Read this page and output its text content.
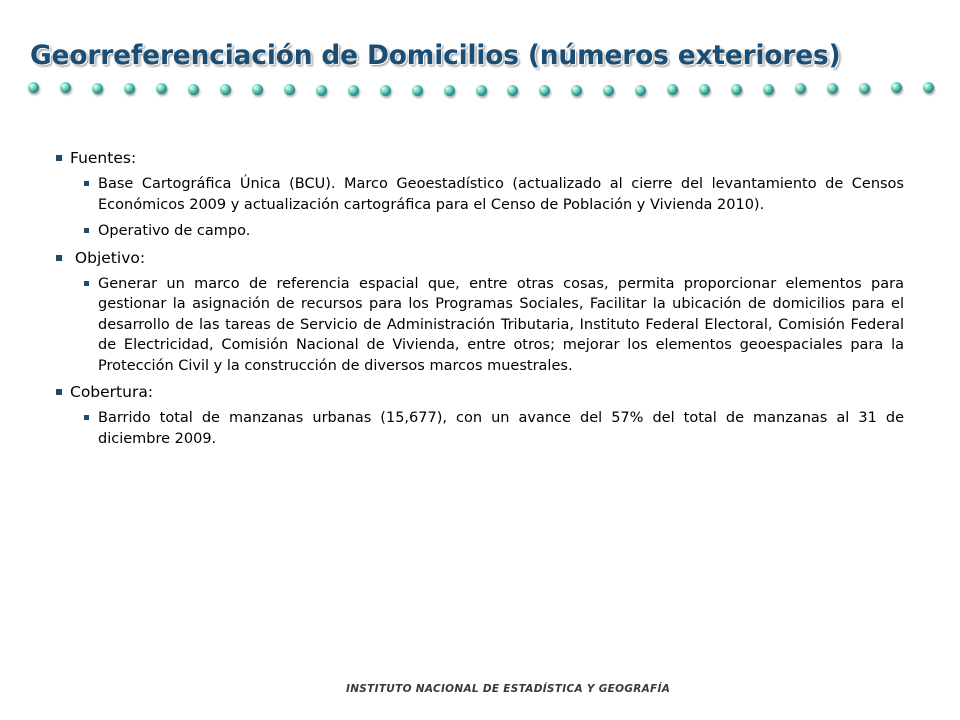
Georreferenciación de Domicilios (números exteriores)
Fuentes:
Base Cartográfica Única (BCU). Marco Geoestadístico (actualizado al cierre del levantamiento de Censos Económicos 2009 y actualización cartográfica para el Censo de Población y Vivienda 2010).
Operativo de campo.
Objetivo:
Generar un marco de referencia espacial que, entre otras cosas, permita proporcionar elementos para gestionar la asignación de recursos para los Programas Sociales, Facilitar la ubicación de domicilios para el desarrollo de las tareas de Servicio de Administración Tributaria, Instituto Federal Electoral, Comisión Federal de Electricidad, Comisión Nacional de Vivienda, entre otros; mejorar los elementos geoespaciales para la Protección Civil y la construcción de diversos marcos muestrales.
Cobertura:
Barrido total de manzanas urbanas (15,677), con un avance del 57% del total de manzanas al 31 de diciembre 2009.
INSTITUTO NACIONAL DE ESTADÍSTICA Y GEOGRAFÍA
